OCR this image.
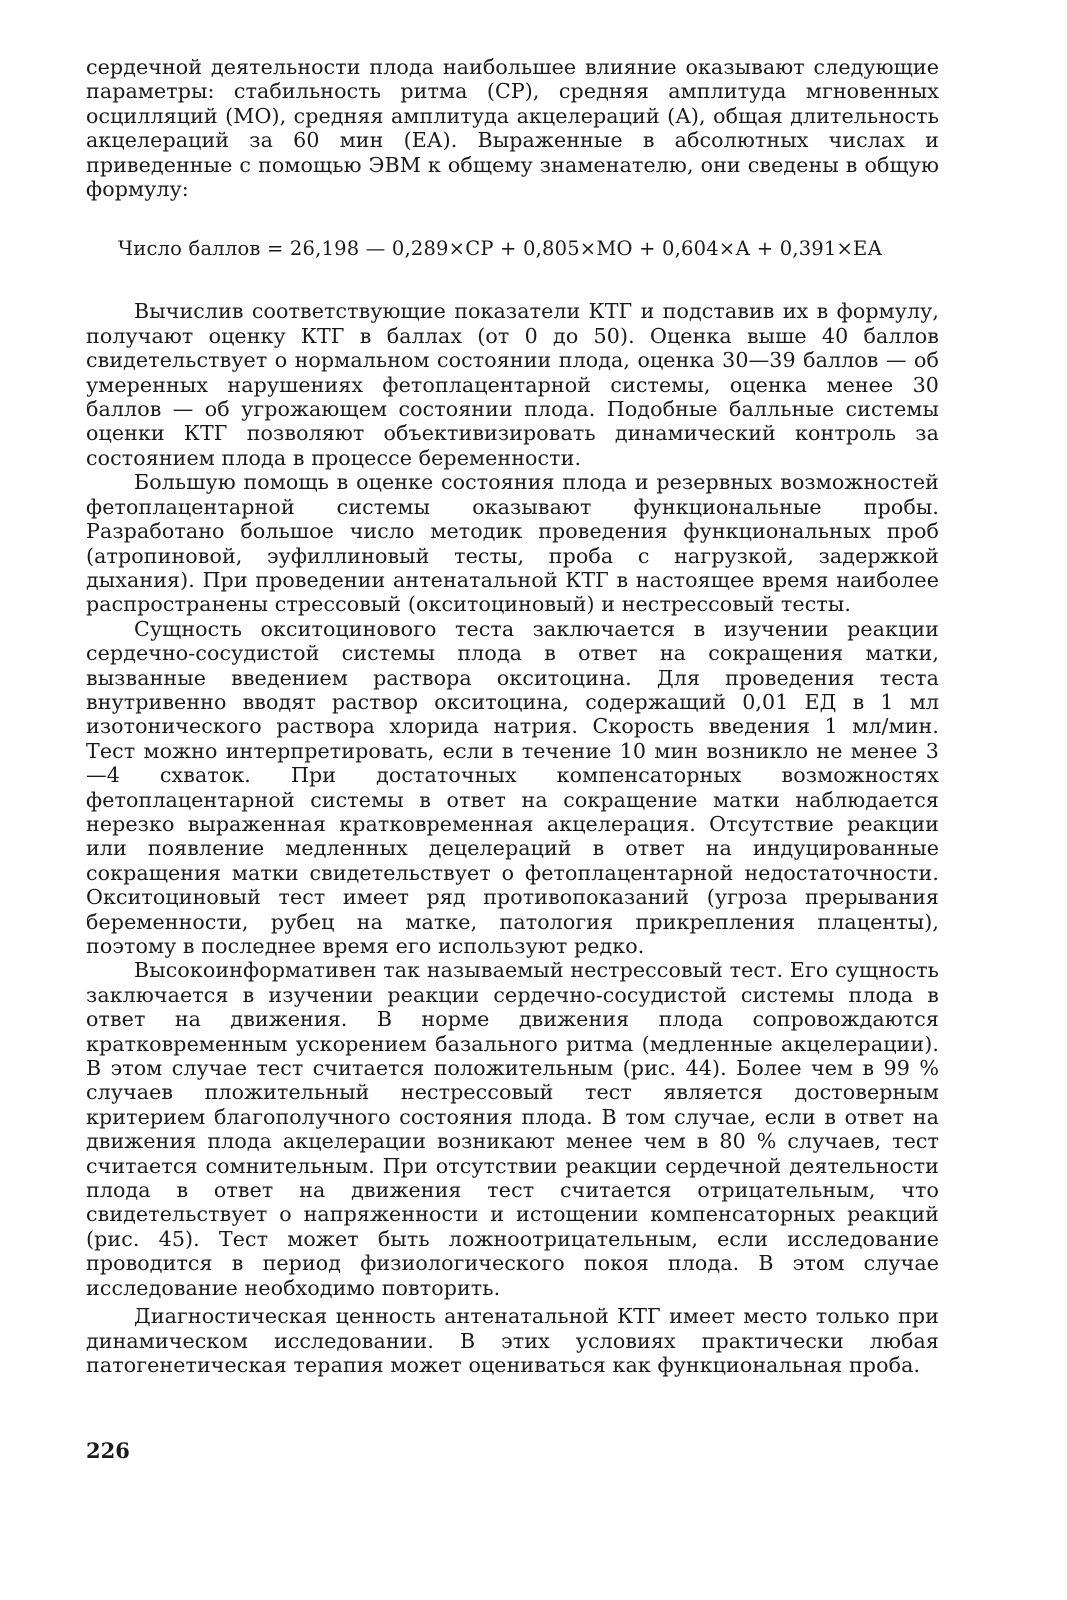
сердечной деятельности плода наибольшее влияние оказывают следующие параметры: стабильность ритма (СР), средняя амплитуда мгновенных осцилляций (МО), средняя амплитуда акцелераций (А), общая длительность акцелераций за 60 мин (ЕА). Выраженные в абсолютных числах и приведенные с помощью ЭВМ к общему знаменателю, они сведены в общую формулу:

Число баллов = 26,198 — 0,289×СР + 0,805×МО + 0,604×А + 0,391×ЕА

Вычислив соответствующие показатели КТГ и подставив их в формулу, получают оценку КТГ в баллах (от 0 до 50). Оценка выше 40 баллов свидетельствует о нормальном состоянии плода, оценка 30—39 баллов — об умеренных нарушениях фетоплацентарной системы, оценка менее 30 баллов — об угрожающем состоянии плода. Подобные балльные системы оценки КТГ позволяют объективизировать динамический контроль за состоянием плода в процессе беременности.

Большую помощь в оценке состояния плода и резервных возможностей фетоплацентарной системы оказывают функциональные пробы. Разработано большое число методик проведения функциональных проб (атропиновой, эуфиллиновый тесты, проба с нагрузкой, задержкой дыхания). При проведении антенатальной КТГ в настоящее время наиболее распространены стрессовый (окситоциновый) и нестрессовый тесты.

Сущность окситоцинового теста заключается в изучении реакции сердечно-сосудистой системы плода в ответ на сокращения матки, вызванные введением раствора окситоцина. Для проведения теста внутривенно вводят раствор окситоцина, содержащий 0,01 ЕД в 1 мл изотонического раствора хлорида натрия. Скорость введения 1 мл/мин. Тест можно интерпретировать, если в течение 10 мин возникло не менее 3—4 схваток. При достаточных компенсаторных возможностях фетоплацентарной системы в ответ на сокращение матки наблюдается нерезко выраженная кратковременная акцелерация. Отсутствие реакции или появление медленных децелераций в ответ на индуцированные сокращения матки свидетельствует о фетоплацентарной недостаточности. Окситоциновый тест имеет ряд противопоказаний (угроза прерывания беременности, рубец на матке, патология прикрепления плаценты), поэтому в последнее время его используют редко.

Высокоинформативен так называемый нестрессовый тест. Его сущность заключается в изучении реакции сердечно-сосудистой системы плода в ответ на движения. В норме движения плода сопровождаются кратковременным ускорением базального ритма (медленные акцелерации). В этом случае тест считается положительным (рис. 44). Более чем в 99 % случаев пложительный нестрессовый тест является достоверным критерием благополучного состояния плода. В том случае, если в ответ на движения плода акцелерации возникают менее чем в 80 % случаев, тест считается сомнительным. При отсутствии реакции сердечной деятельности плода в ответ на движения тест считается отрицательным, что свидетельствует о напряженности и истощении компенсаторных реакций (рис. 45). Тест может быть ложноотрицательным, если исследование проводится в период физиологического покоя плода. В этом случае исследование необходимо повторить.

Диагностическая ценность антенатальной КТГ имеет место только при динамическом исследовании. В этих условиях практически любая патогенетическая терапия может оцениваться как функциональная проба.

226
